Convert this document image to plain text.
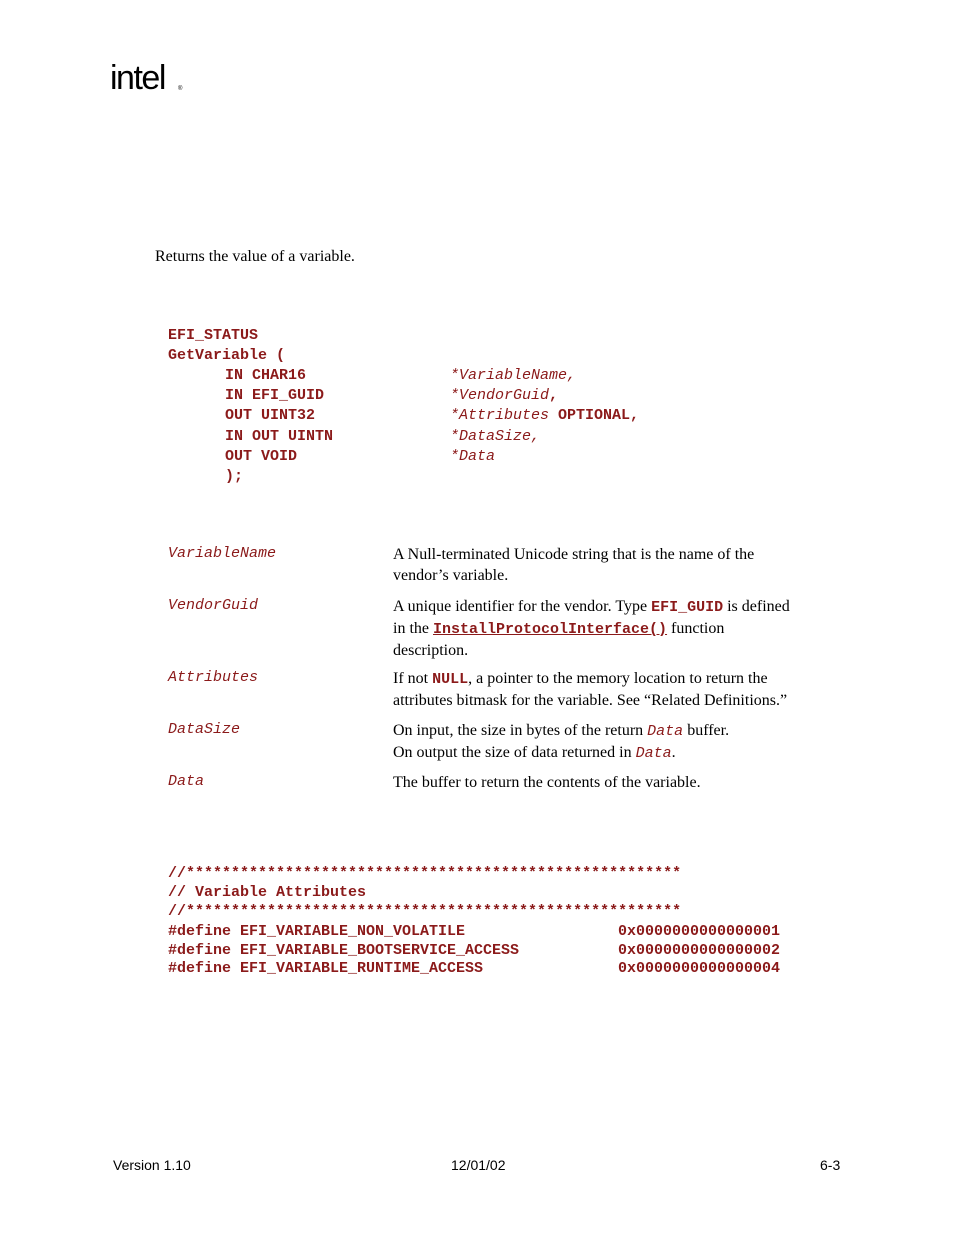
intel ®
Returns the value of a variable.
EFI_STATUS
GetVariable (
IN CHAR16	*VariableName,
IN EFI_GUID	*VendorGuid,
OUT UINT32	*Attributes OPTIONAL,
IN OUT UINTN	*DataSize,
OUT VOID	*Data
);
VariableName	A Null-terminated Unicode string that is the name of the
vendor’s variable.
VendorGuid	A unique identifier for the vendor. Type EFI_GUID is defined
in the InstallProtocolInterface() function
description.
Attributes	If not NULL, a pointer to the memory location to return the
attributes bitmask for the variable. See “Related Definitions.”
DataSize	On input, the size in bytes of the return Data buffer.
On output the size of data returned in Data.
Data	The buffer to return the contents of the variable.
//*******************************************************
// Variable Attributes
//*******************************************************
#define EFI_VARIABLE_NON_VOLATILE	0x0000000000000001
#define EFI_VARIABLE_BOOTSERVICE_ACCESS	0x0000000000000002
#define EFI_VARIABLE_RUNTIME_ACCESS	0x0000000000000004
Version 1.10	12/01/02	6-3
